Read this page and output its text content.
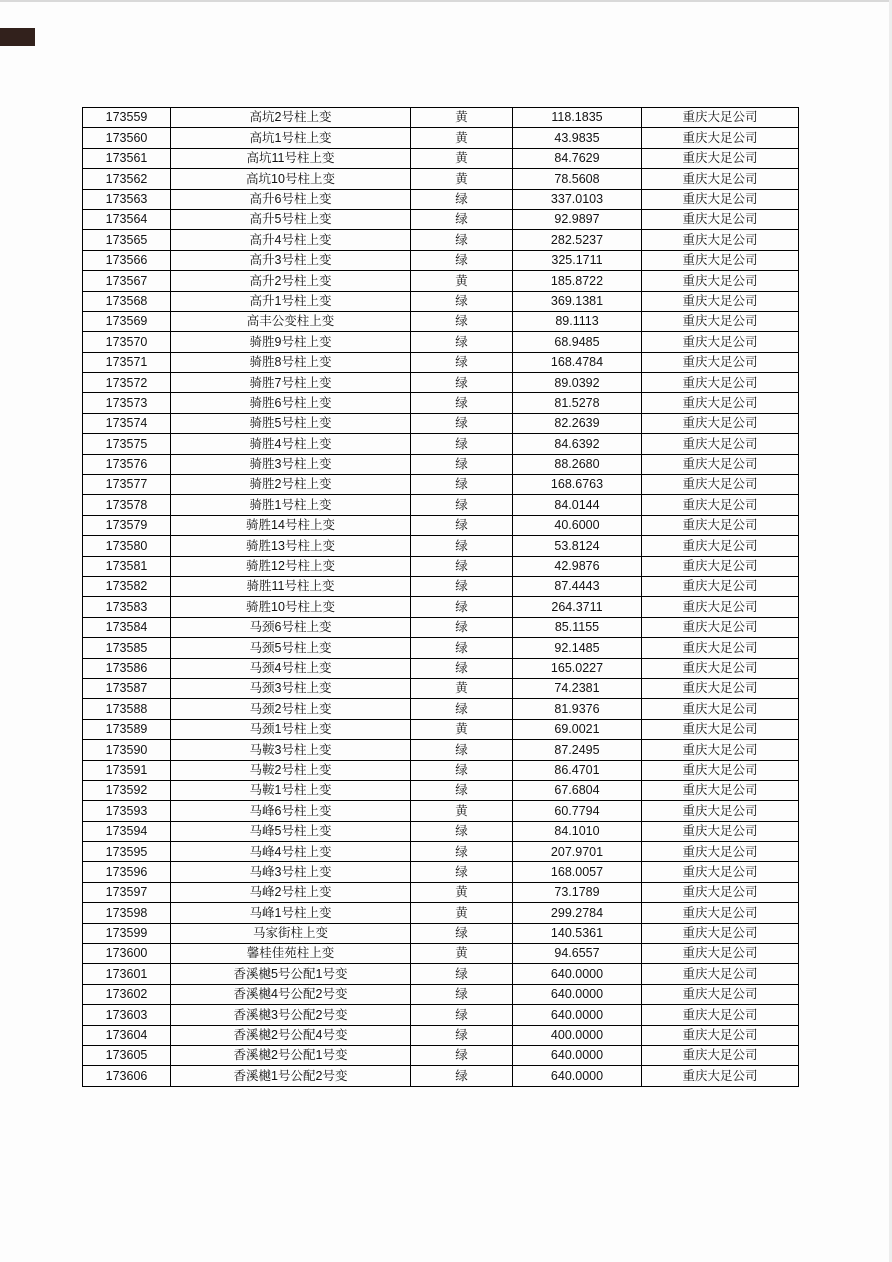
173559	高坑2号柱上变	黄	118.1835	重庆大足公司
173560	高坑1号柱上变	黄	43.9835	重庆大足公司
173561	高坑11号柱上变	黄	84.7629	重庆大足公司
173562	高坑10号柱上变	黄	78.5608	重庆大足公司
173563	高升6号柱上变	绿	337.0103	重庆大足公司
173564	高升5号柱上变	绿	92.9897	重庆大足公司
173565	高升4号柱上变	绿	282.5237	重庆大足公司
173566	高升3号柱上变	绿	325.1711	重庆大足公司
173567	高升2号柱上变	黄	185.8722	重庆大足公司
173568	高升1号柱上变	绿	369.1381	重庆大足公司
173569	高丰公变柱上变	绿	89.1113	重庆大足公司
173570	骑胜9号柱上变	绿	68.9485	重庆大足公司
173571	骑胜8号柱上变	绿	168.4784	重庆大足公司
173572	骑胜7号柱上变	绿	89.0392	重庆大足公司
173573	骑胜6号柱上变	绿	81.5278	重庆大足公司
173574	骑胜5号柱上变	绿	82.2639	重庆大足公司
173575	骑胜4号柱上变	绿	84.6392	重庆大足公司
173576	骑胜3号柱上变	绿	88.2680	重庆大足公司
173577	骑胜2号柱上变	绿	168.6763	重庆大足公司
173578	骑胜1号柱上变	绿	84.0144	重庆大足公司
173579	骑胜14号柱上变	绿	40.6000	重庆大足公司
173580	骑胜13号柱上变	绿	53.8124	重庆大足公司
173581	骑胜12号柱上变	绿	42.9876	重庆大足公司
173582	骑胜11号柱上变	绿	87.4443	重庆大足公司
173583	骑胜10号柱上变	绿	264.3711	重庆大足公司
173584	马颈6号柱上变	绿	85.1155	重庆大足公司
173585	马颈5号柱上变	绿	92.1485	重庆大足公司
173586	马颈4号柱上变	绿	165.0227	重庆大足公司
173587	马颈3号柱上变	黄	74.2381	重庆大足公司
173588	马颈2号柱上变	绿	81.9376	重庆大足公司
173589	马颈1号柱上变	黄	69.0021	重庆大足公司
173590	马鞍3号柱上变	绿	87.2495	重庆大足公司
173591	马鞍2号柱上变	绿	86.4701	重庆大足公司
173592	马鞍1号柱上变	绿	67.6804	重庆大足公司
173593	马峰6号柱上变	黄	60.7794	重庆大足公司
173594	马峰5号柱上变	绿	84.1010	重庆大足公司
173595	马峰4号柱上变	绿	207.9701	重庆大足公司
173596	马峰3号柱上变	绿	168.0057	重庆大足公司
173597	马峰2号柱上变	黄	73.1789	重庆大足公司
173598	马峰1号柱上变	黄	299.2784	重庆大足公司
173599	马家街柱上变	绿	140.5361	重庆大足公司
173600	馨桂佳苑柱上变	黄	94.6557	重庆大足公司
173601	香溪樾5号公配1号变	绿	640.0000	重庆大足公司
173602	香溪樾4号公配2号变	绿	640.0000	重庆大足公司
173603	香溪樾3号公配2号变	绿	640.0000	重庆大足公司
173604	香溪樾2号公配4号变	绿	400.0000	重庆大足公司
173605	香溪樾2号公配1号变	绿	640.0000	重庆大足公司
173606	香溪樾1号公配2号变	绿	640.0000	重庆大足公司
